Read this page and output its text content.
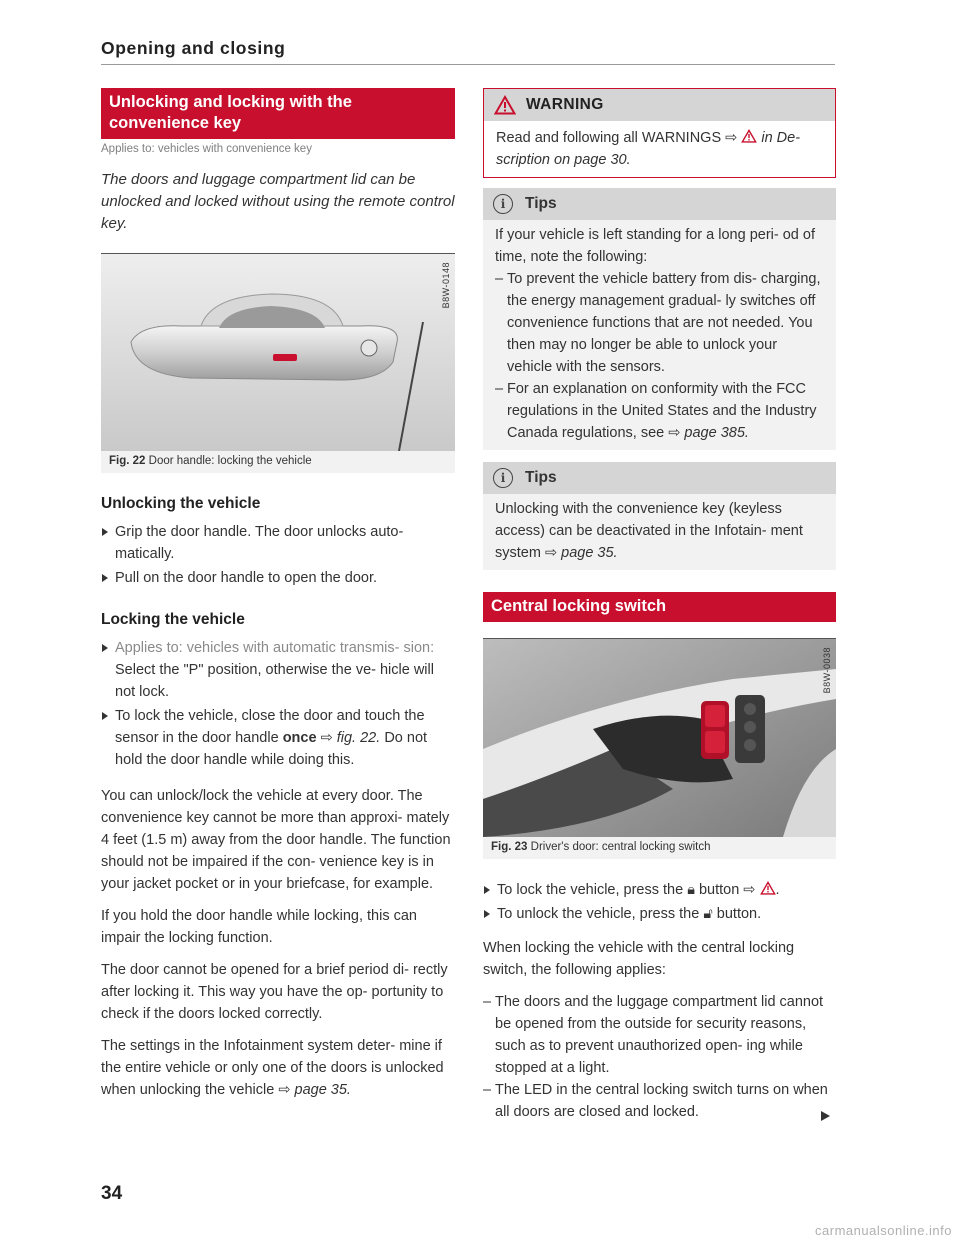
Opening and closing
Unlocking and locking with the convenience key
Applies to: vehicles with convenience key
The doors and luggage compartment lid can be unlocked and locked without using the remote control key.
B8W-0148
Fig. 22 Door handle: locking the vehicle
Unlocking the vehicle
Grip the door handle. The door unlocks auto- matically.
Pull on the door handle to open the door.
Locking the vehicle
Applies to: vehicles with automatic transmis- sion: Select the "P" position, otherwise the ve- hicle will not lock.
To lock the vehicle, close the door and touch the sensor in the door handle once ⇨ fig. 22. Do not hold the door handle while doing this.

You can unlock/lock the vehicle at every door. The convenience key cannot be more than approxi- mately 4 feet (1.5 m) away from the door handle. The function should not be impaired if the con- venience key is in your jacket pocket or in your briefcase, for example.

If you hold the door handle while locking, this can impair the locking function.

The door cannot be opened for a brief period di- rectly after locking it. This way you have the op- portunity to check if the doors locked correctly.

The settings in the Infotainment system deter- mine if the entire vehicle or only one of the doors is unlocked when unlocking the vehicle ⇨ page 35.

WARNING

Read and following all WARNINGS ⇨ in De- scription on page 30.

i	Tips

If your vehicle is left standing for a long peri- od of time, note the following:

– To prevent the vehicle battery from dis- charging, the energy management gradual- ly switches off convenience functions that are not needed. You then may no longer be able to unlock your vehicle with the sensors.
– For an explanation on conformity with the FCC regulations in the United States and the Industry Canada regulations, see ⇨ page 385.
i	Tips

Unlocking with the convenience key (keyless access) can be deactivated in the Infotain- ment system ⇨ page 35.

Central locking switch
B8W-0038
Fig. 23 Driver's door: central locking switch
To lock the vehicle, press the 🔒︎ button ⇨ .
To unlock the vehicle, press the 🔓︎ button.

When locking the vehicle with the central locking switch, the following applies:

– The doors and the luggage compartment lid cannot be opened from the outside for security reasons, such as to prevent unauthorized open- ing while stopped at a light.
– The LED in the central locking switch turns on when all doors are closed and locked.
34
carmanualsonline.info
